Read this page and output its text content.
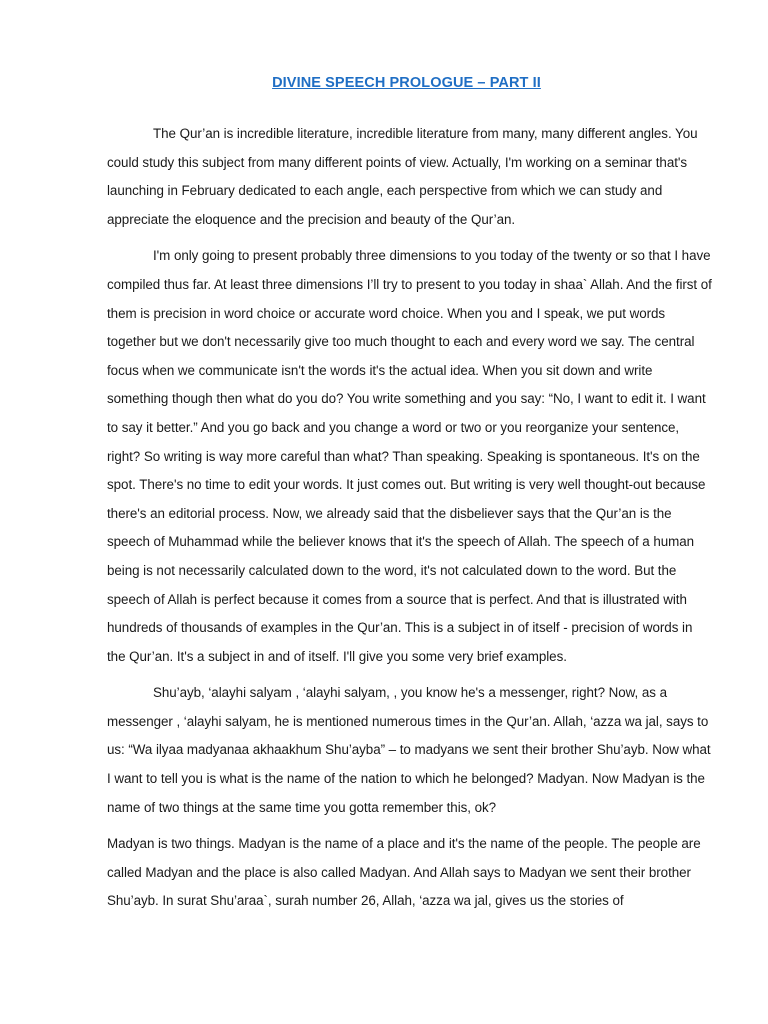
DIVINE SPEECH PROLOGUE – PART II

The Qur’an is incredible literature, incredible literature from many, many different angles. You could study this subject from many different points of view. Actually, I'm working on a seminar that's launching in February dedicated to each angle, each perspective from which we can study and appreciate the eloquence and the precision and beauty of the Qur’an.

I'm only going to present probably three dimensions to you today of the twenty or so that I have compiled thus far. At least three dimensions I’ll try to present to you today in shaa` Allah. And the first of them is precision in word choice or accurate word choice. When you and I speak, we put words together but we don't necessarily give too much thought to each and every word we say. The central focus when we communicate isn't the words it's the actual idea. When you sit down and write something though then what do you do? You write something and you say: “No, I want to edit it. I want to say it better.” And you go back and you change a word or two or you reorganize your sentence, right? So writing is way more careful than what? Than speaking. Speaking is spontaneous. It's on the spot. There's no time to edit your words. It just comes out. But writing is very well thought-out because there's an editorial process. Now, we already said that the disbeliever says that the Qur’an is the speech of Muhammad while the believer knows that it's the speech of Allah. The speech of a human being is not necessarily calculated down to the word, it's not calculated down to the word. But the speech of Allah is perfect because it comes from a source that is perfect. And that is illustrated with hundreds of thousands of examples in the Qur’an. This is a subject in of itself - precision of words in the Qur’an. It's a subject in and of itself. I'll give you some very brief examples.

Shu’ayb, ‘alayhi salyam , ‘alayhi salyam, , you know he's a messenger, right? Now, as a messenger , ‘alayhi salyam, he is mentioned numerous times in the Qur’an. Allah, ‘azza wa jal, says to us: “Wa ilyaa madyanaa akhaakhum Shu’ayba” – to madyans we sent their brother Shu’ayb. Now what I want to tell you is what is the name of the nation to which he belonged? Madyan. Now Madyan is the name of two things at the same time you gotta remember this, ok?

Madyan is two things. Madyan is the name of a place and it's the name of the people. The people are called Madyan and the place is also called Madyan. And Allah says to Madyan we sent their brother Shu’ayb. In surat Shu’araa`, surah number 26, Allah, ‘azza wa jal, gives us the stories of
